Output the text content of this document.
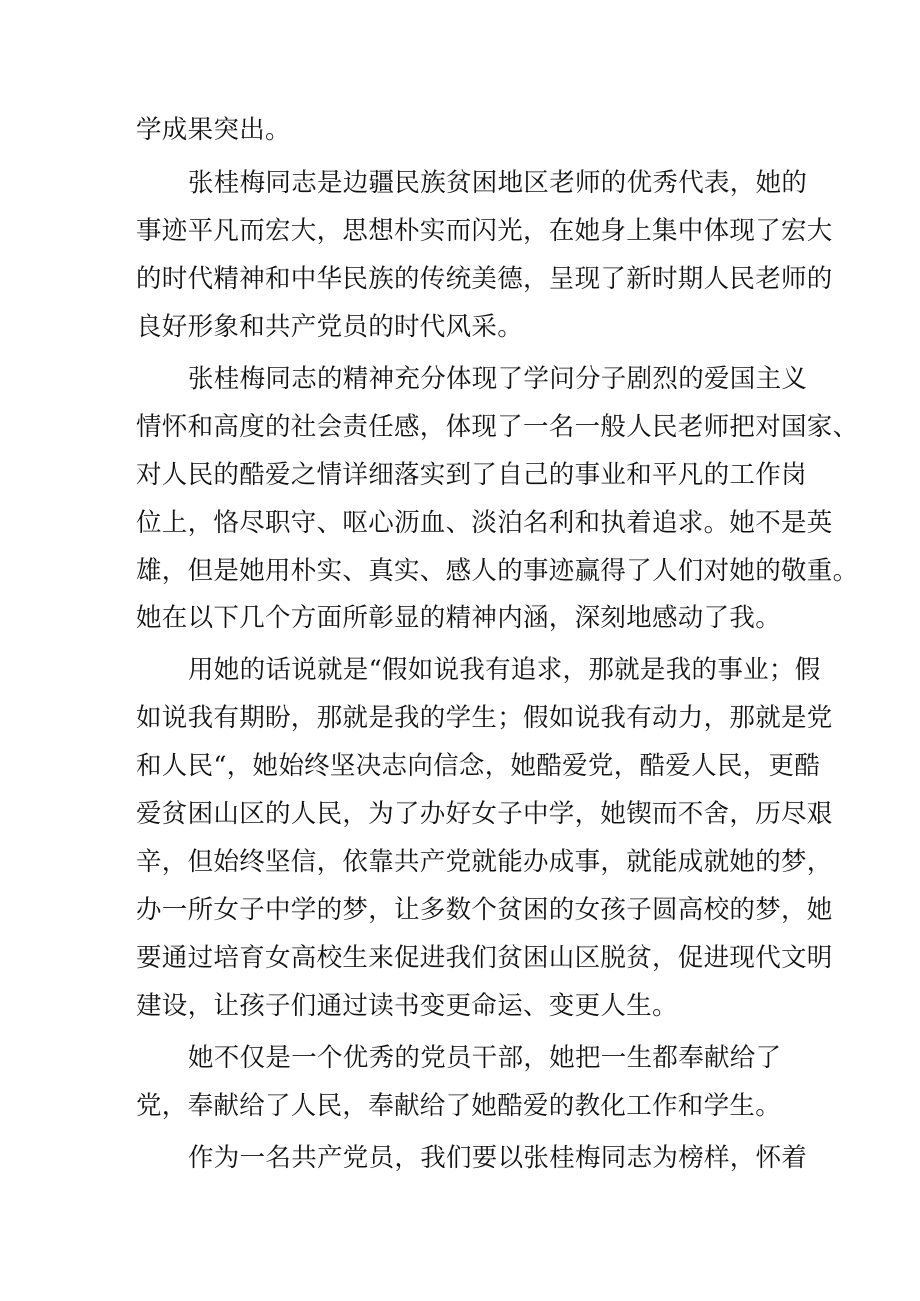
学成果突出。
张桂梅同志是边疆民族贫困地区老师的优秀代表，她的
事迹平凡而宏大，思想朴实而闪光，在她身上集中体现了宏大
的时代精神和中华民族的传统美德，呈现了新时期人民老师的
良好形象和共产党员的时代风采。
张桂梅同志的精神充分体现了学问分子剧烈的爱国主义
情怀和高度的社会责任感，体现了一名一般人民老师把对国家、
对人民的酷爱之情详细落实到了自己的事业和平凡的工作岗
位上，恪尽职守、呕心沥血、淡泊名利和执着追求。她不是英
雄，但是她用朴实、真实、感人的事迹赢得了人们对她的敬重。
她在以下几个方面所彰显的精神内涵，深刻地感动了我。
用她的话说就是“假如说我有追求，那就是我的事业；假
如说我有期盼，那就是我的学生；假如说我有动力，那就是党
和人民“，她始终坚决志向信念，她酷爱党，酷爱人民，更酷
爱贫困山区的人民，为了办好女子中学，她锲而不舍，历尽艰
辛，但始终坚信，依靠共产党就能办成事，就能成就她的梦，
办一所女子中学的梦，让多数个贫困的女孩子圆高校的梦，她
要通过培育女高校生来促进我们贫困山区脱贫，促进现代文明
建设，让孩子们通过读书变更命运、变更人生。
她不仅是一个优秀的党员干部，她把一生都奉献给了
党，奉献给了人民，奉献给了她酷爱的教化工作和学生。
作为一名共产党员，我们要以张桂梅同志为榜样，怀着
